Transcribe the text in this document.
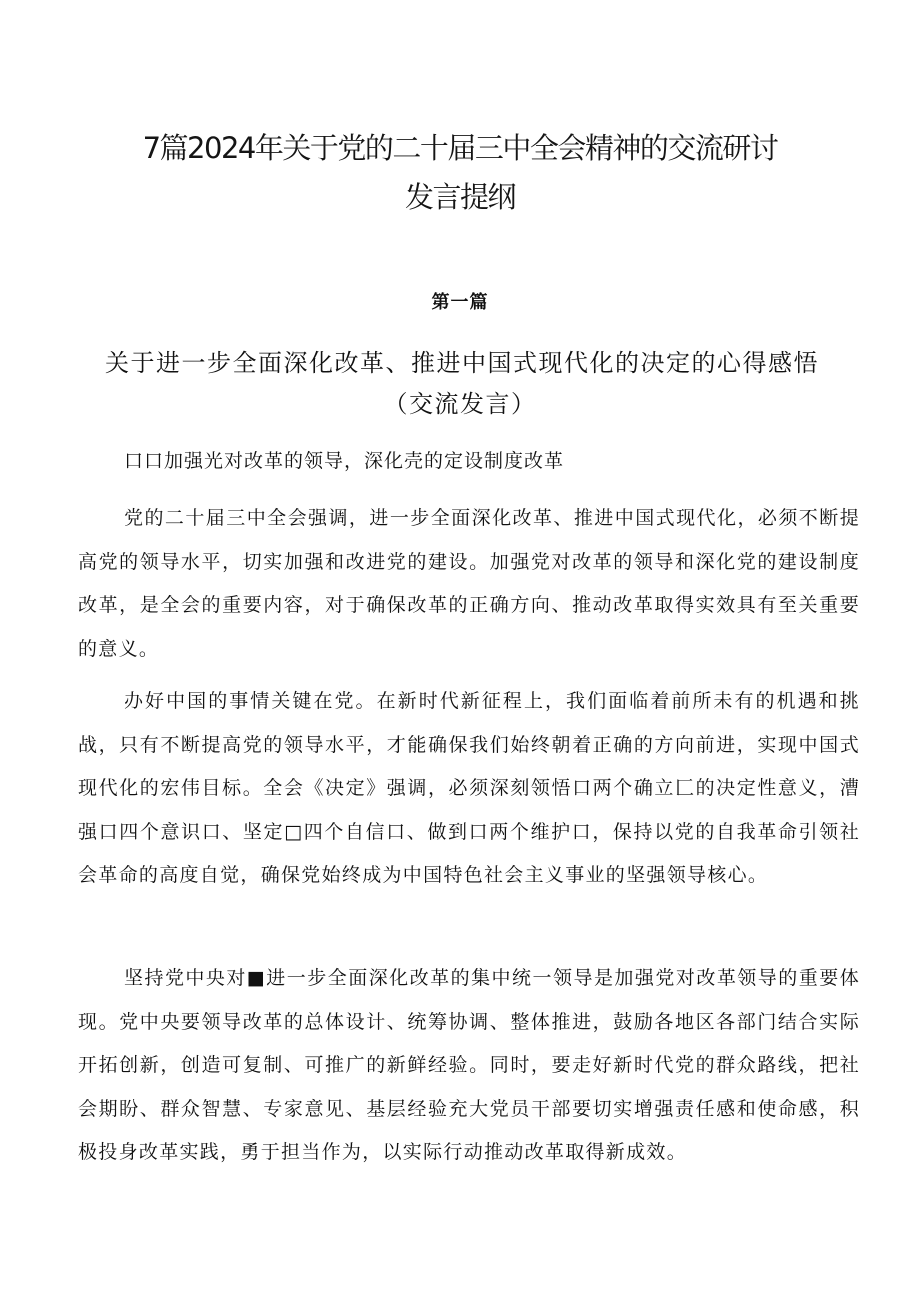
7篇2024年关于党的二十届三中全会精神的交流研讨
发言提纲
第一篇
关于进一步全面深化改革、推进中国式现代化的决定的心得感悟
（交流发言）
口口加强光对改革的领导，深化壳的定设制度改革

党的二十届三中全会强调，进一步全面深化改革、推进中国式现代化，必须不断提高党的领导水平，切实加强和改进党的建设。加强党对改革的领导和深化党的建设制度改革，是全会的重要内容，对于确保改革的正确方向、推动改革取得实效具有至关重要的意义。

办好中国的事情关键在党。在新时代新征程上，我们面临着前所未有的机遇和挑战，只有不断提高党的领导水平，才能确保我们始终朝着正确的方向前进，实现中国式现代化的宏伟目标。全会《决定》强调，必须深刻领悟口两个确立匚的决定性意义，漕强口四个意识口、坚定□四个自信口、做到口两个维护口，保持以党的自我革命引领社会革命的高度自觉，确保党始终成为中国特色社会主义事业的坚强领导核心。

坚持党中央对■进一步全面深化改革的集中统一领导是加强党对改革领导的重要体现。党中央要领导改革的总体设计、统筹协调、整体推进，鼓励各地区各部门结合实际开拓创新，创造可复制、可推广的新鲜经验。同时，要走好新时代党的群众路线，把社会期盼、群众智慧、专家意见、基层经验充大党员干部要切实增强责任感和使命感，积极投身改革实践，勇于担当作为，以实际行动推动改革取得新成效。
